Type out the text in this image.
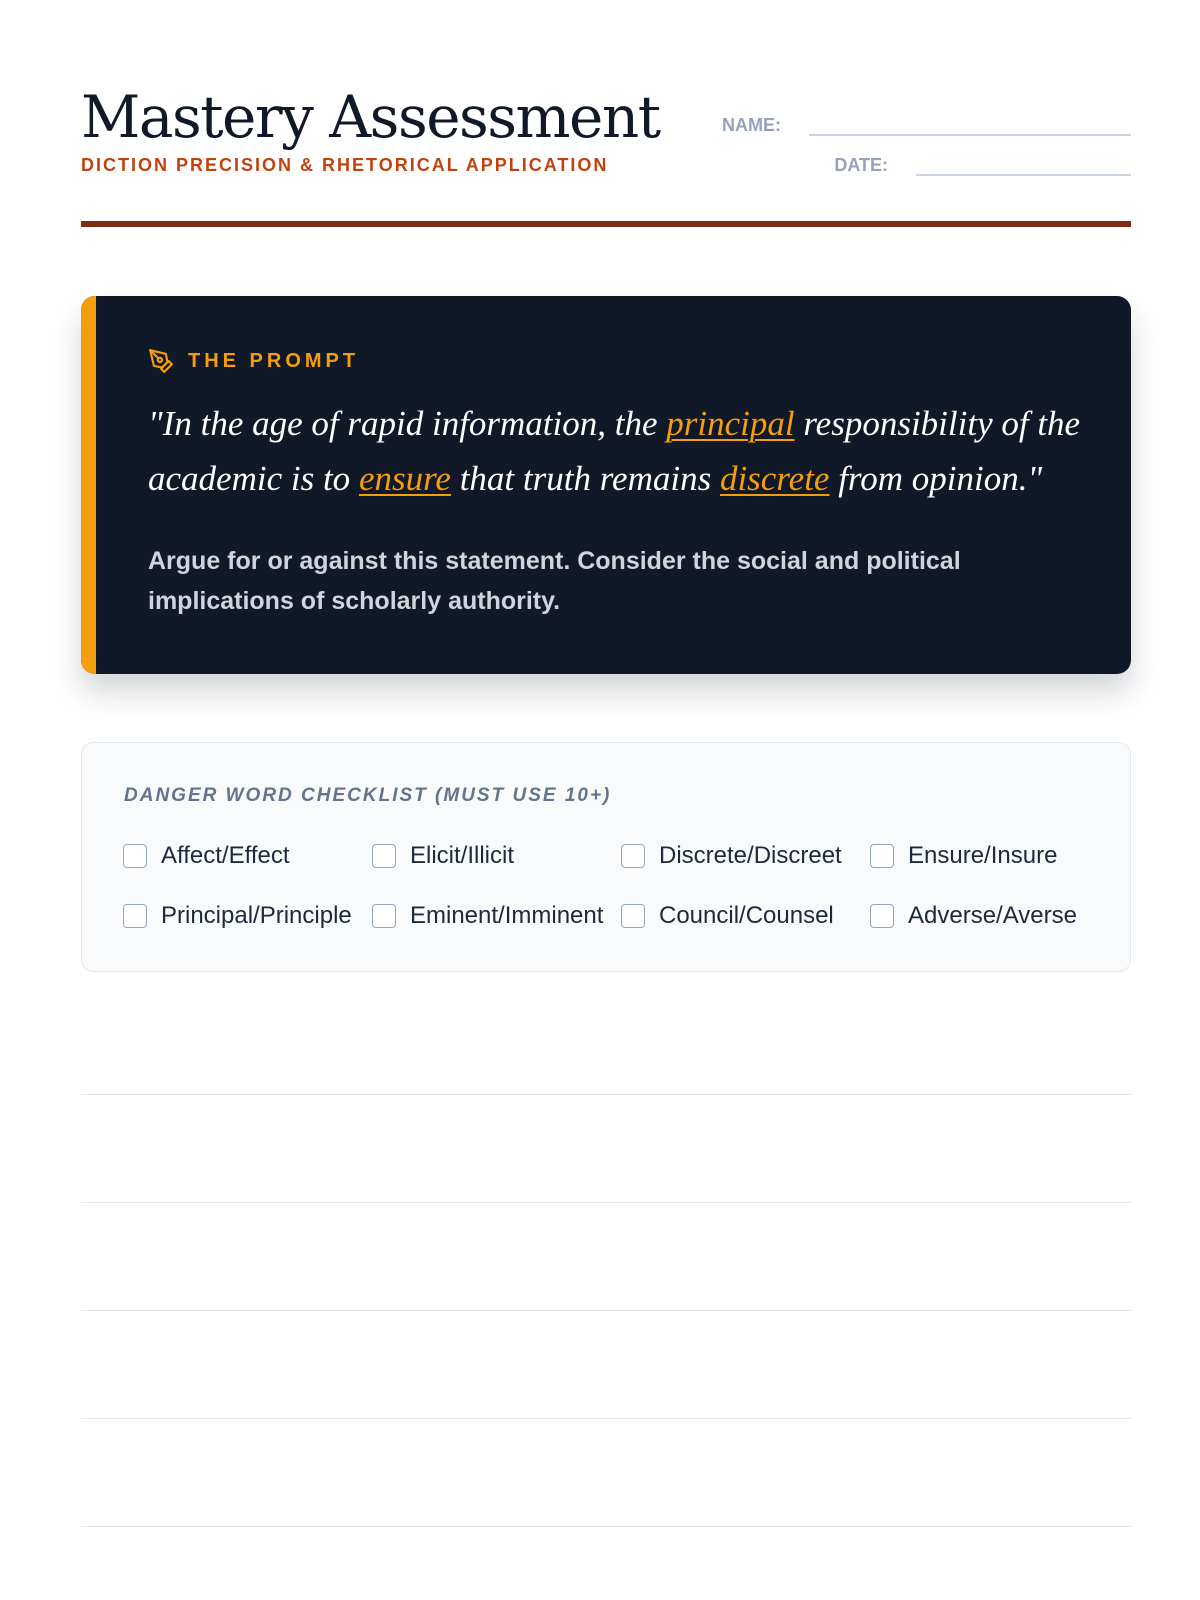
Mastery Assessment
DICTION PRECISION & RHETORICAL APPLICATION
NAME:
DATE:
THE PROMPT

"In the age of rapid information, the principal responsibility of the academic is to ensure that truth remains discrete from opinion."

Argue for or against this statement. Consider the social and political implications of scholarly authority.

DANGER WORD CHECKLIST (MUST USE 10+)
Affect/Effect	Elicit/Illicit	Discrete/Discreet	Ensure/Insure
Principal/Principle Eminent/Imminent Council/Counsel	Adverse/Averse
